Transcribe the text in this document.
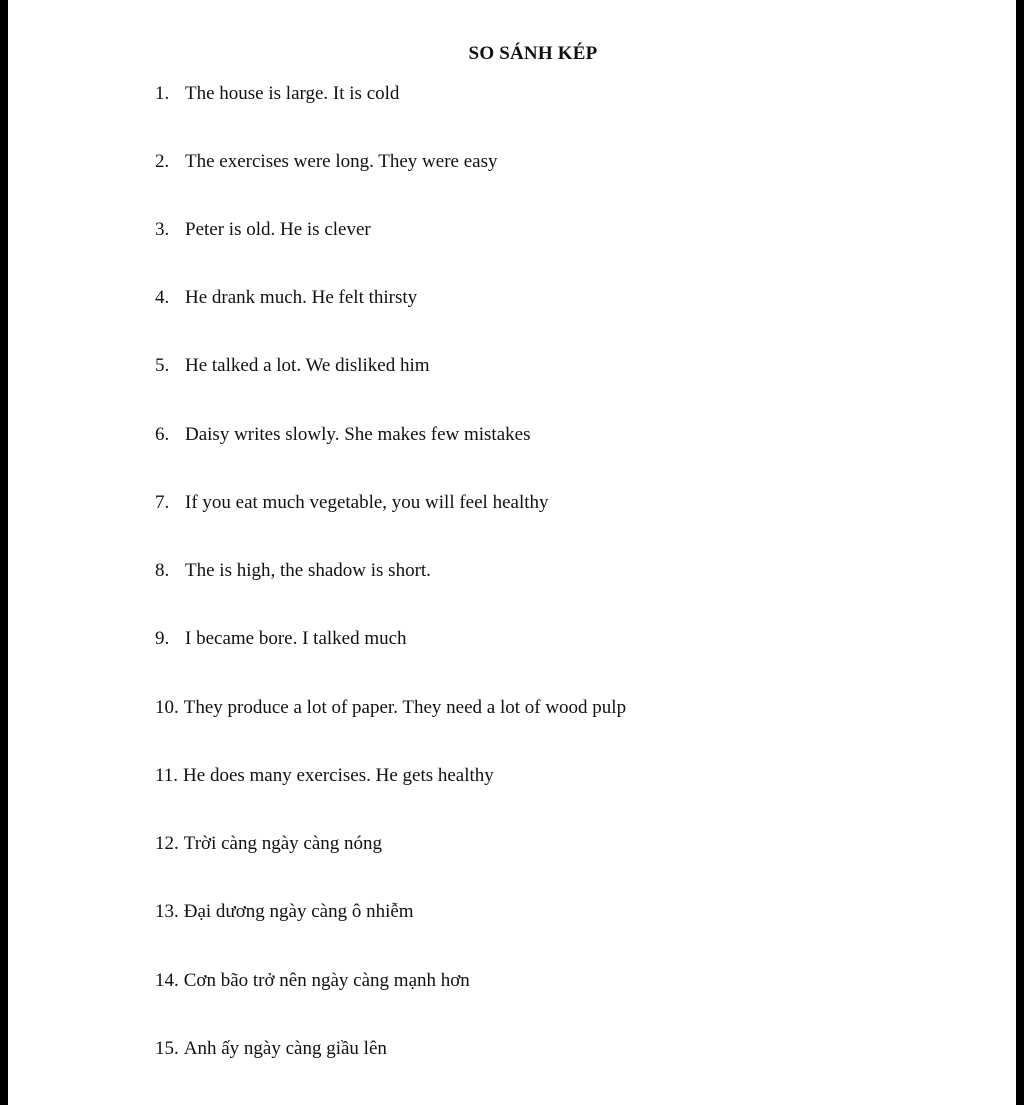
SO SÁNH KÉP
1. The house is large. It is cold
2. The exercises were long. They were easy
3. Peter is old. He is clever
4. He drank much. He felt thirsty
5. He talked a lot. We disliked him
6. Daisy writes slowly. She makes few mistakes
7. If you eat much vegetable, you will feel healthy
8. The is high, the shadow is short.
9. I became bore. I talked much
10. They produce a lot of paper. They need a lot of wood pulp
11. He does many exercises. He gets healthy
12. Trời càng ngày càng nóng
13. Đại dương ngày càng ô nhiễm
14. Cơn bão trở nên ngày càng mạnh hơn
15. Anh ấy ngày càng giầu lên
